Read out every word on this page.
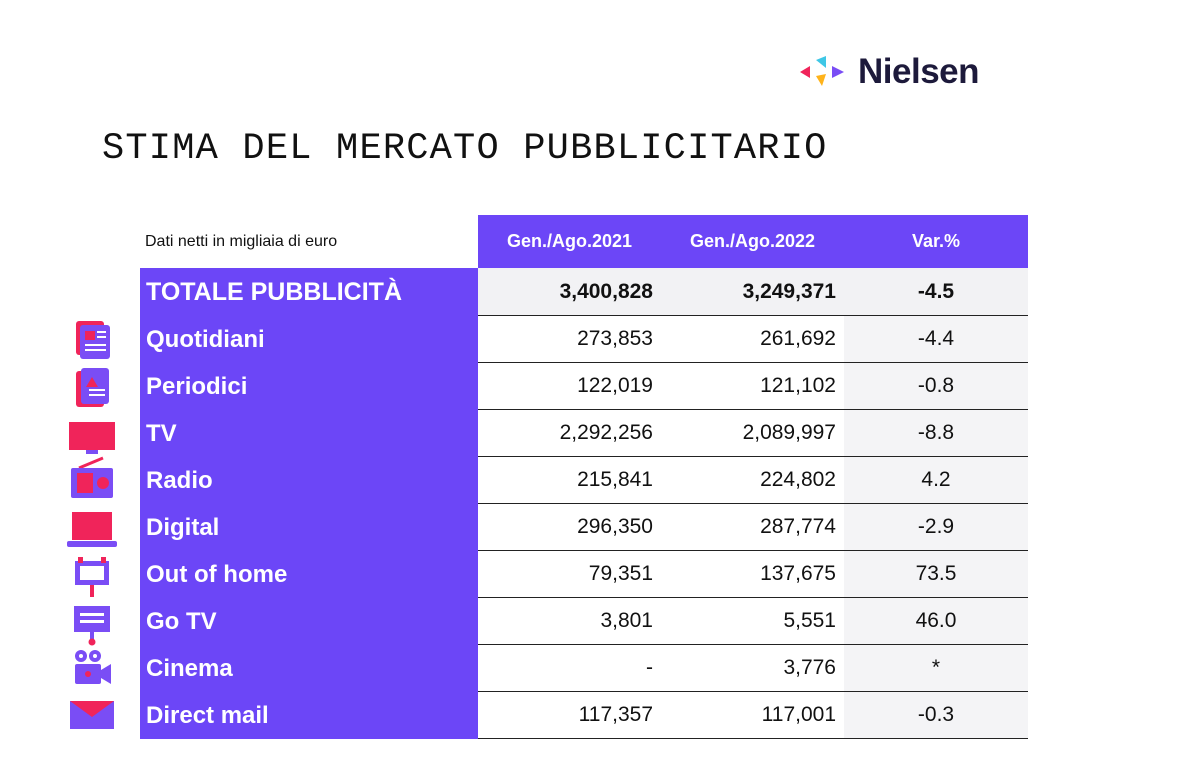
Nielsen
STIMA DEL MERCATO PUBBLICITARIO
Dati netti in migliaia di euro	Gen./Ago.2021	Gen./Ago.2022	Var.%
TOTALE PUBBLICITÀ	3,400,828	3,249,371	-4.5
Quotidiani	273,853	261,692	-4.4
Periodici	122,019	121,102	-0.8
TV	2,292,256	2,089,997	-8.8
Radio	215,841	224,802	4.2
Digital	296,350	287,774	-2.9
Out of home	79,351	137,675	73.5
Go TV	3,801	5,551	46.0
Cinema	-	3,776	*
Direct mail	117,357	117,001	-0.3
